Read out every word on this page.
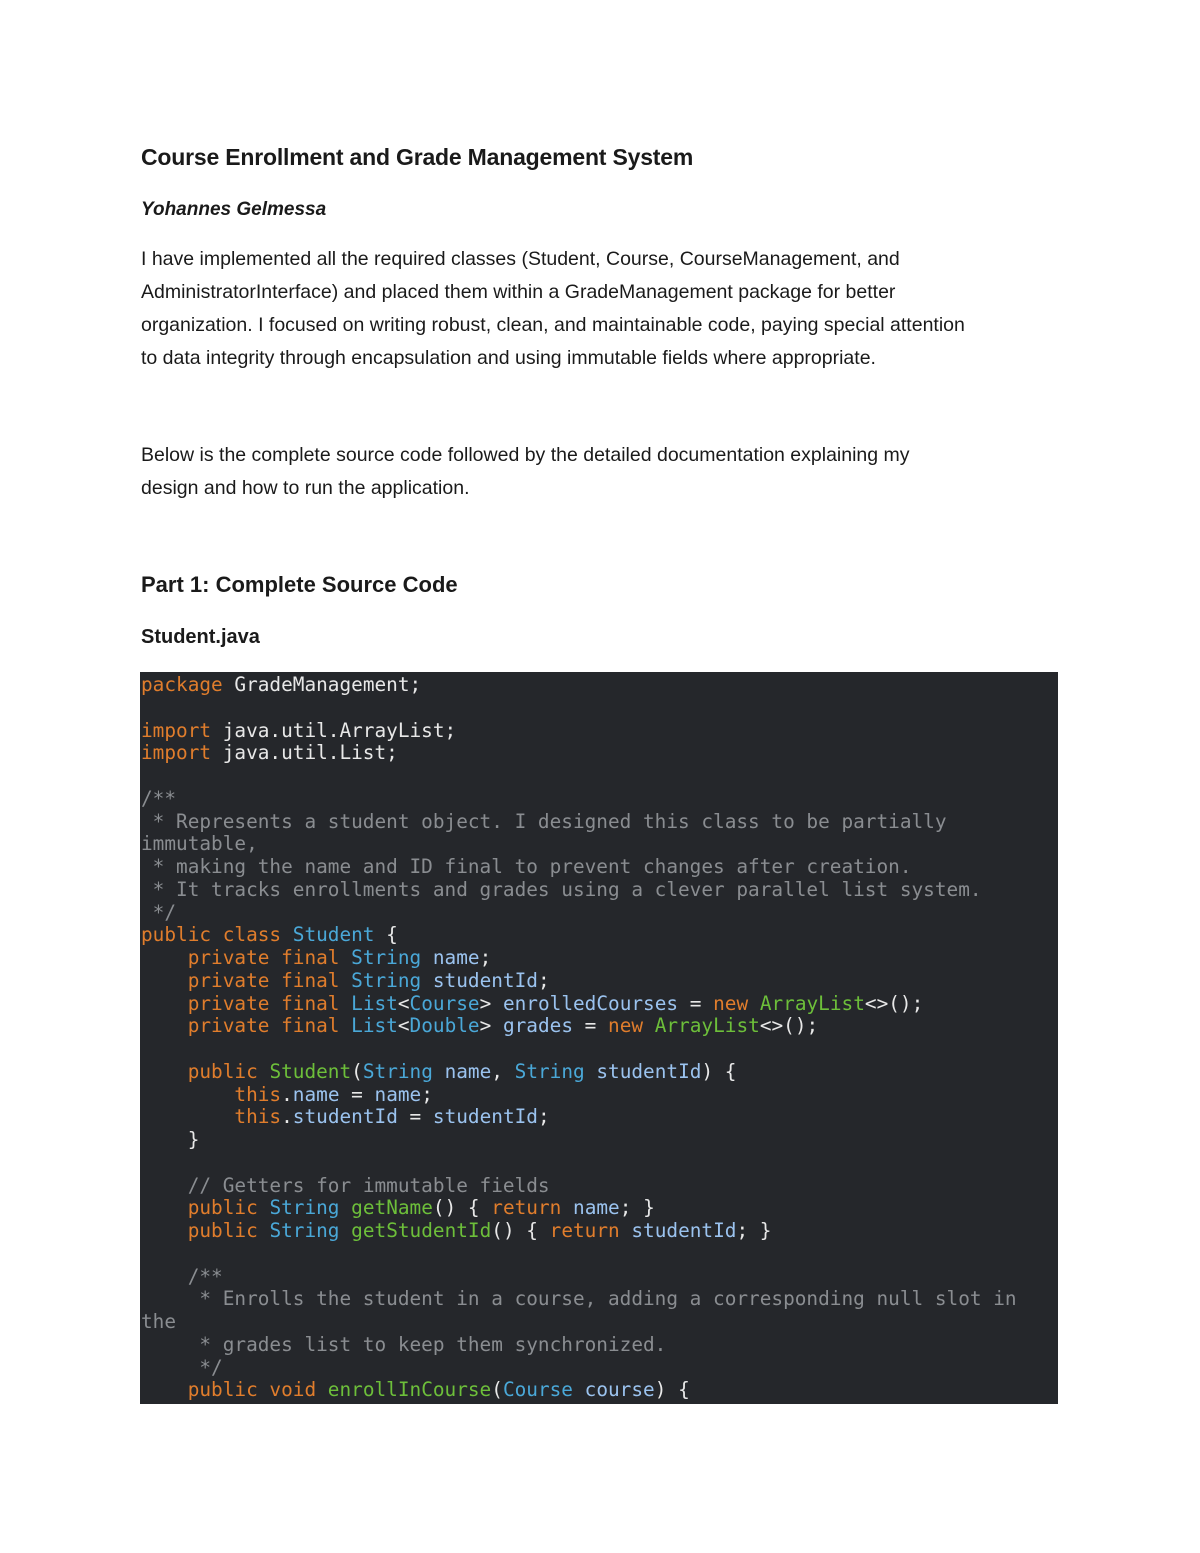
Course Enrollment and Grade Management System
Yohannes Gelmessa
I have implemented all the required classes (Student, Course, CourseManagement, and
AdministratorInterface) and placed them within a GradeManagement package for better
organization. I focused on writing robust, clean, and maintainable code, paying special attention
to data integrity through encapsulation and using immutable fields where appropriate.
Below is the complete source code followed by the detailed documentation explaining my
design and how to run the application.
Part 1: Complete Source Code
Student.java
package GradeManagement;

import java.util.ArrayList;
import java.util.List;

/**
* Represents a student object. I designed this class to be partially
immutable,
* making the name and ID final to prevent changes after creation.
* It tracks enrollments and grades using a clever parallel list system.
*/
public class Student {
private final String name;
private final String studentId;
private final List<Course> enrolledCourses = new ArrayList<>();
private final List<Double> grades = new ArrayList<>();

public Student(String name, String studentId) {
this.name = name;
this.studentId = studentId;
}

// Getters for immutable fields
public String getName() { return name; }
public String getStudentId() { return studentId; }

/**
* Enrolls the student in a course, adding a corresponding null slot in
the
* grades list to keep them synchronized.
*/
public void enrollInCourse(Course course) {
